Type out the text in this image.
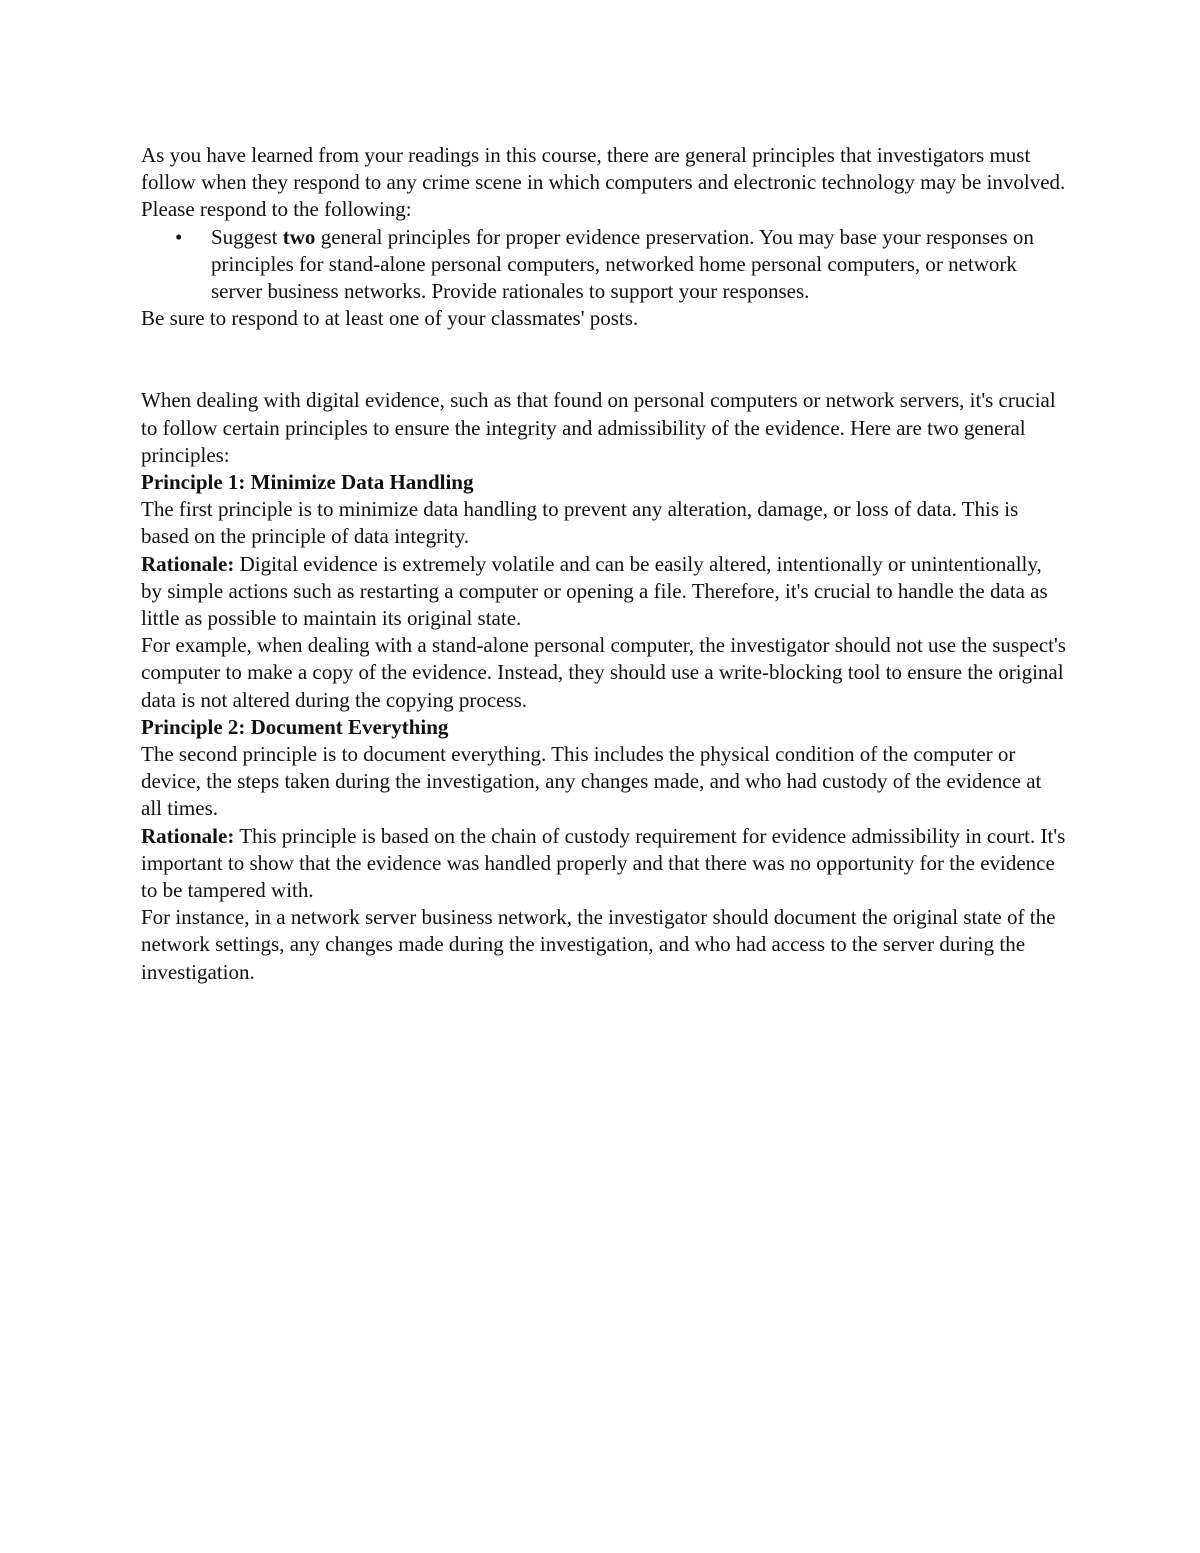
As you have learned from your readings in this course, there are general principles that investigators must follow when they respond to any crime scene in which computers and electronic technology may be involved.

Please respond to the following:

• Suggest two general principles for proper evidence preservation. You may base your responses on principles for stand-alone personal computers, networked home personal computers, or network server business networks. Provide rationales to support your responses.

Be sure to respond to at least one of your classmates' posts.

When dealing with digital evidence, such as that found on personal computers or network servers, it's crucial to follow certain principles to ensure the integrity and admissibility of the evidence. Here are two general principles:

Principle 1: Minimize Data Handling

The first principle is to minimize data handling to prevent any alteration, damage, or loss of data. This is based on the principle of data integrity.

Rationale: Digital evidence is extremely volatile and can be easily altered, intentionally or unintentionally, by simple actions such as restarting a computer or opening a file. Therefore, it's crucial to handle the data as little as possible to maintain its original state.

For example, when dealing with a stand-alone personal computer, the investigator should not use the suspect's computer to make a copy of the evidence. Instead, they should use a write-blocking tool to ensure the original data is not altered during the copying process.

Principle 2: Document Everything

The second principle is to document everything. This includes the physical condition of the computer or device, the steps taken during the investigation, any changes made, and who had custody of the evidence at all times.

Rationale: This principle is based on the chain of custody requirement for evidence admissibility in court. It's important to show that the evidence was handled properly and that there was no opportunity for the evidence to be tampered with.

For instance, in a network server business network, the investigator should document the original state of the network settings, any changes made during the investigation, and who had access to the server during the investigation.
